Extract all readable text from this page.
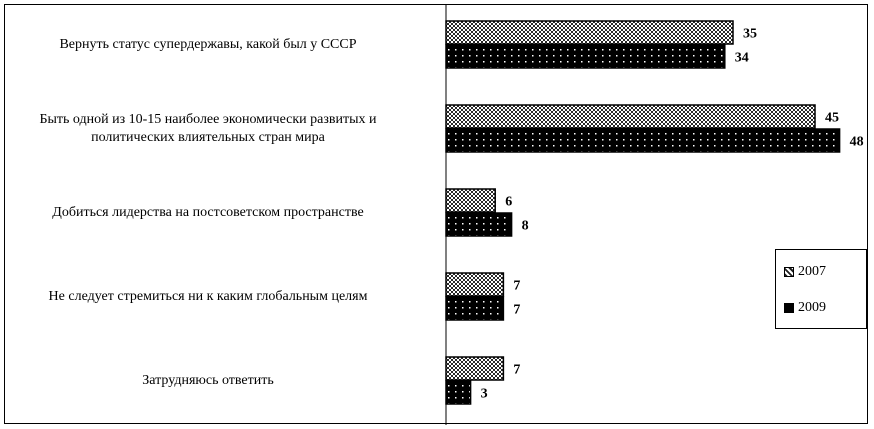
35
45
6
7
7
34
48
8
7
3
Вернуть статус супердержавы, какой был у СССР
Быть одной из 10-15 наиболее экономически развитых и
политических влиятельных стран мира
Добиться лидерства на постсоветском пространстве
Не следует стремиться ни к каким глобальным целям
Затрудняюсь ответить
2007
2009
